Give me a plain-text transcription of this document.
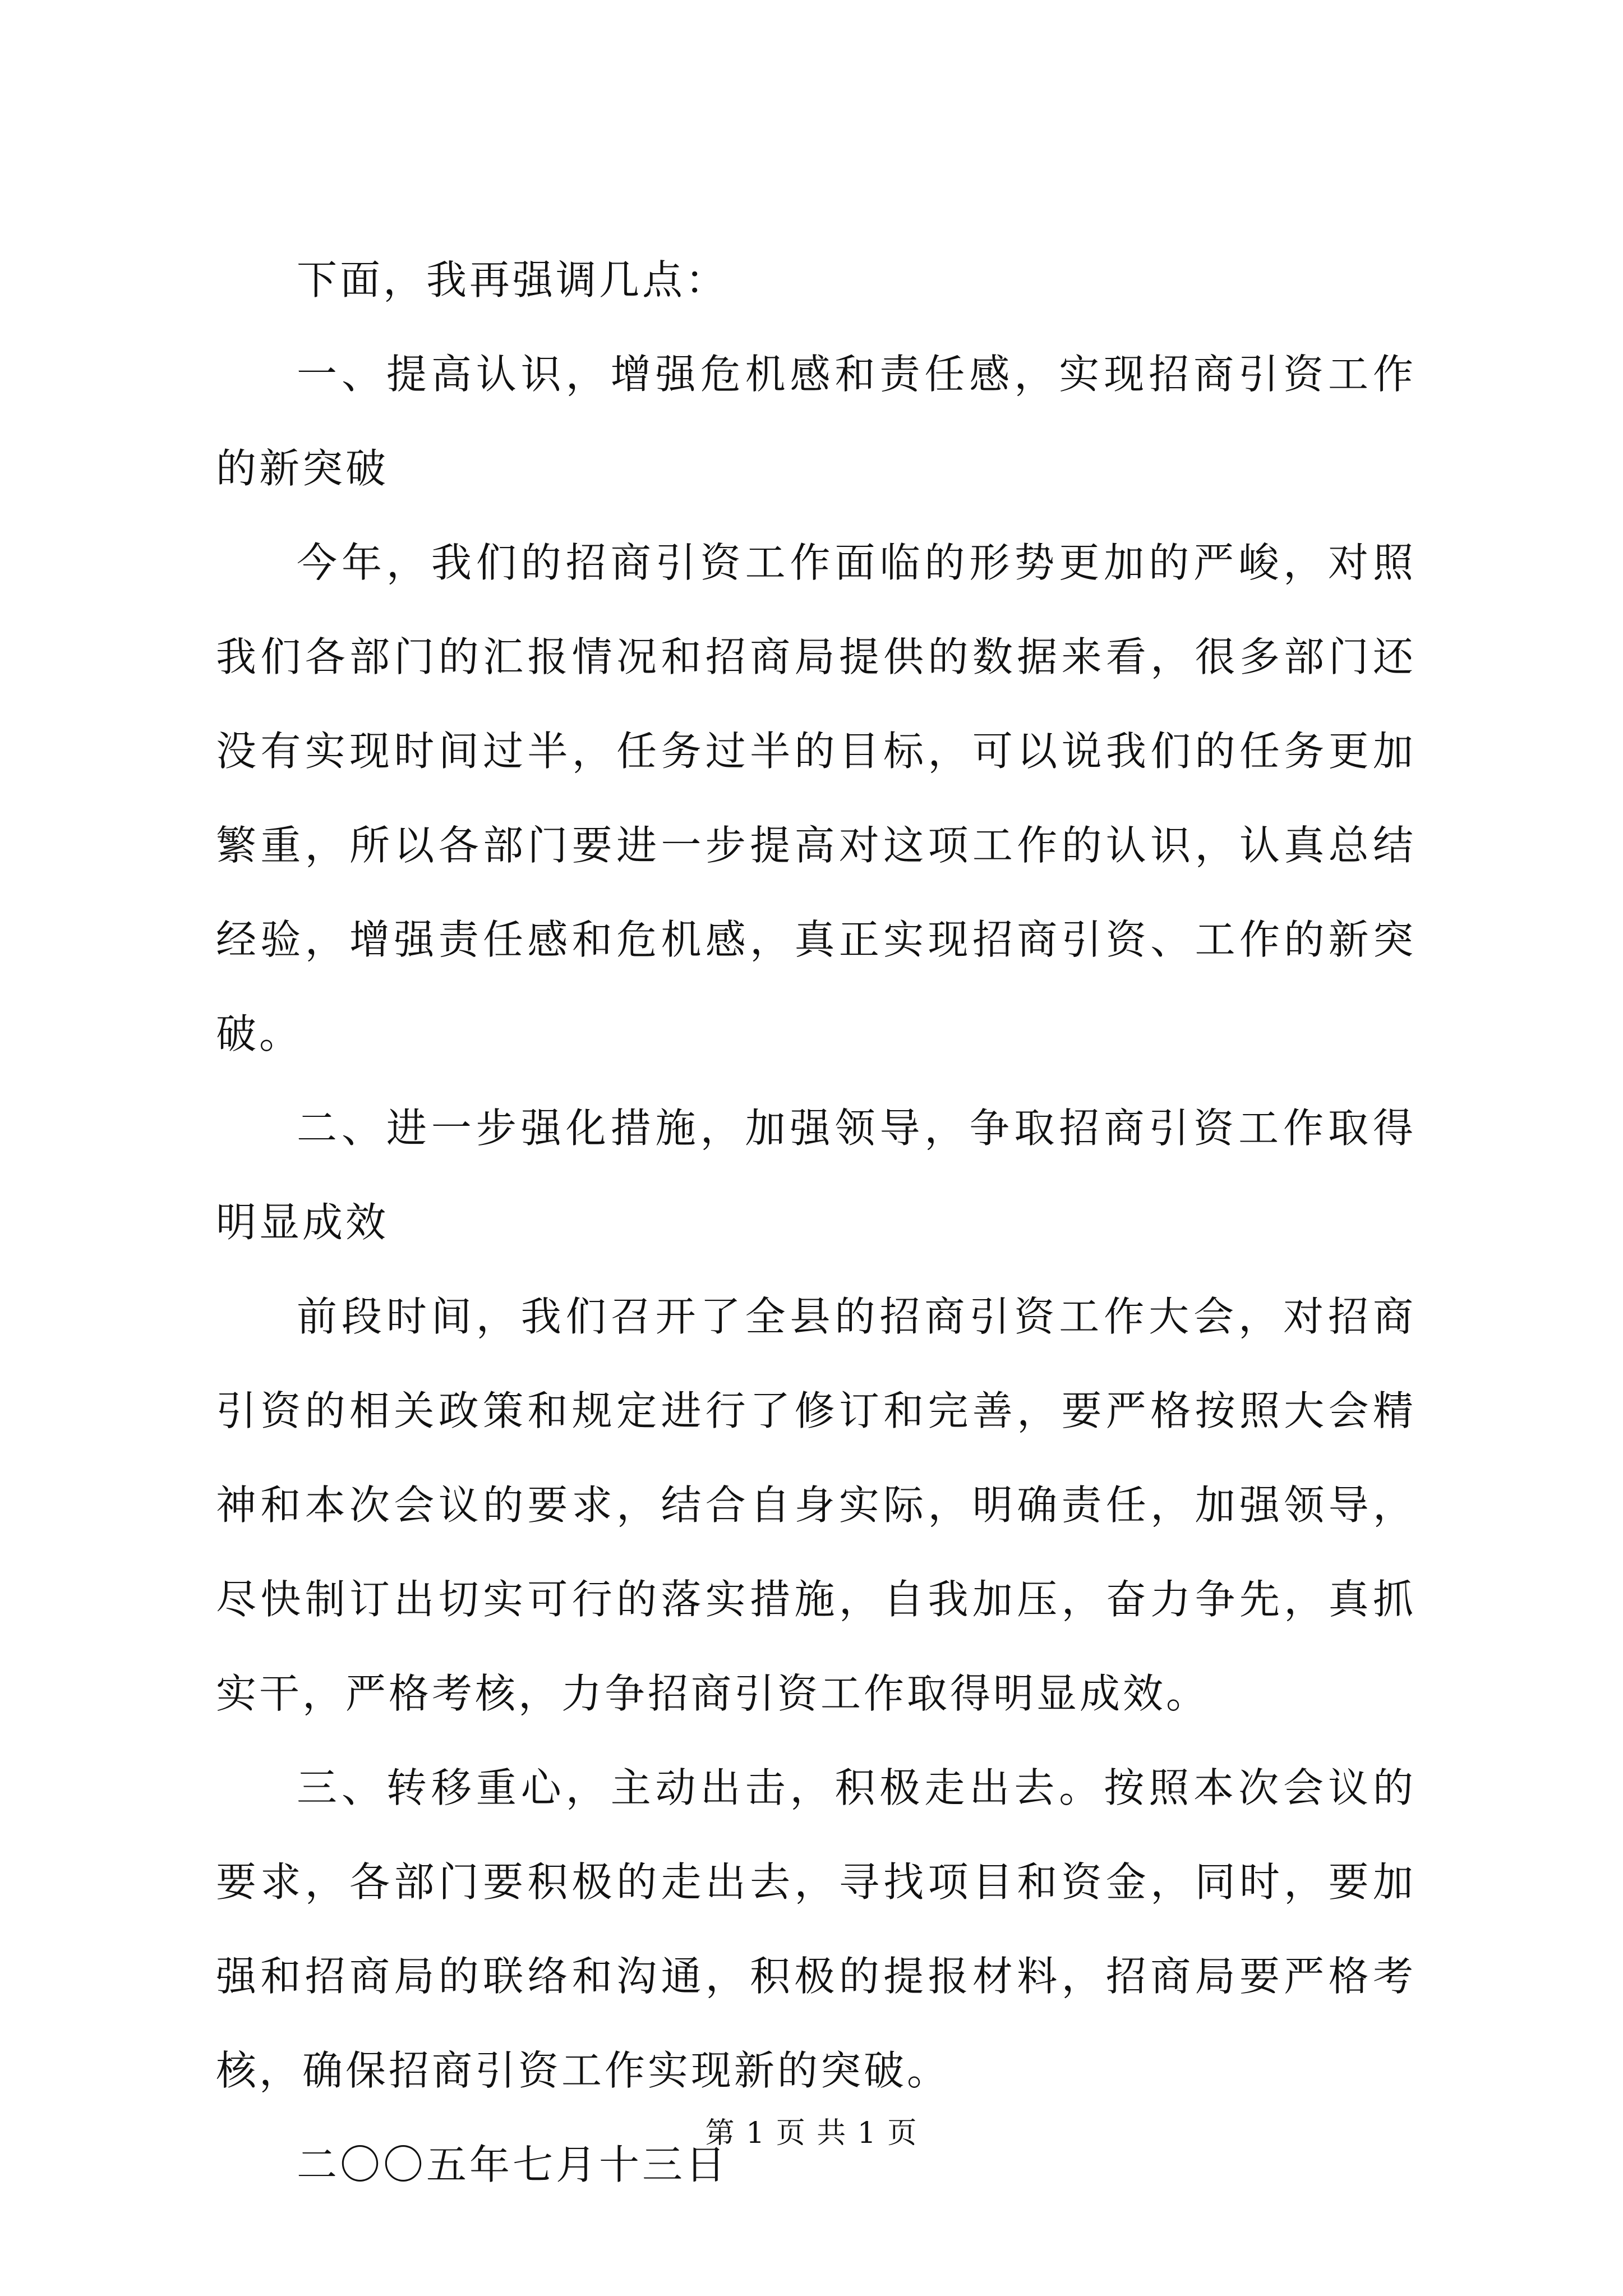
下面，我再强调几点：

一、提高认识，增强危机感和责任感，实现招商引资工作的新突破

今年，我们的招商引资工作面临的形势更加的严峻，对照我们各部门的汇报情况和招商局提供的数据来看，很多部门还没有实现时间过半，任务过半的目标，可以说我们的任务更加繁重，所以各部门要进一步提高对这项工作的认识，认真总结经验，增强责任感和危机感，真正实现招商引资、工作的新突破。

二、进一步强化措施，加强领导，争取招商引资工作取得明显成效

前段时间，我们召开了全县的招商引资工作大会，对招商引资的相关政策和规定进行了修订和完善，要严格按照大会精神和本次会议的要求，结合自身实际，明确责任，加强领导，尽快制订出切实可行的落实措施，自我加压，奋力争先，真抓实干，严格考核，力争招商引资工作取得明显成效。

三、转移重心，主动出击，积极走出去。按照本次会议的要求，各部门要积极的走出去，寻找项目和资金，同时，要加强和招商局的联络和沟通，积极的提报材料，招商局要严格考核，确保招商引资工作实现新的突破。

二〇〇五年七月十三日

第 1 页 共 1 页
